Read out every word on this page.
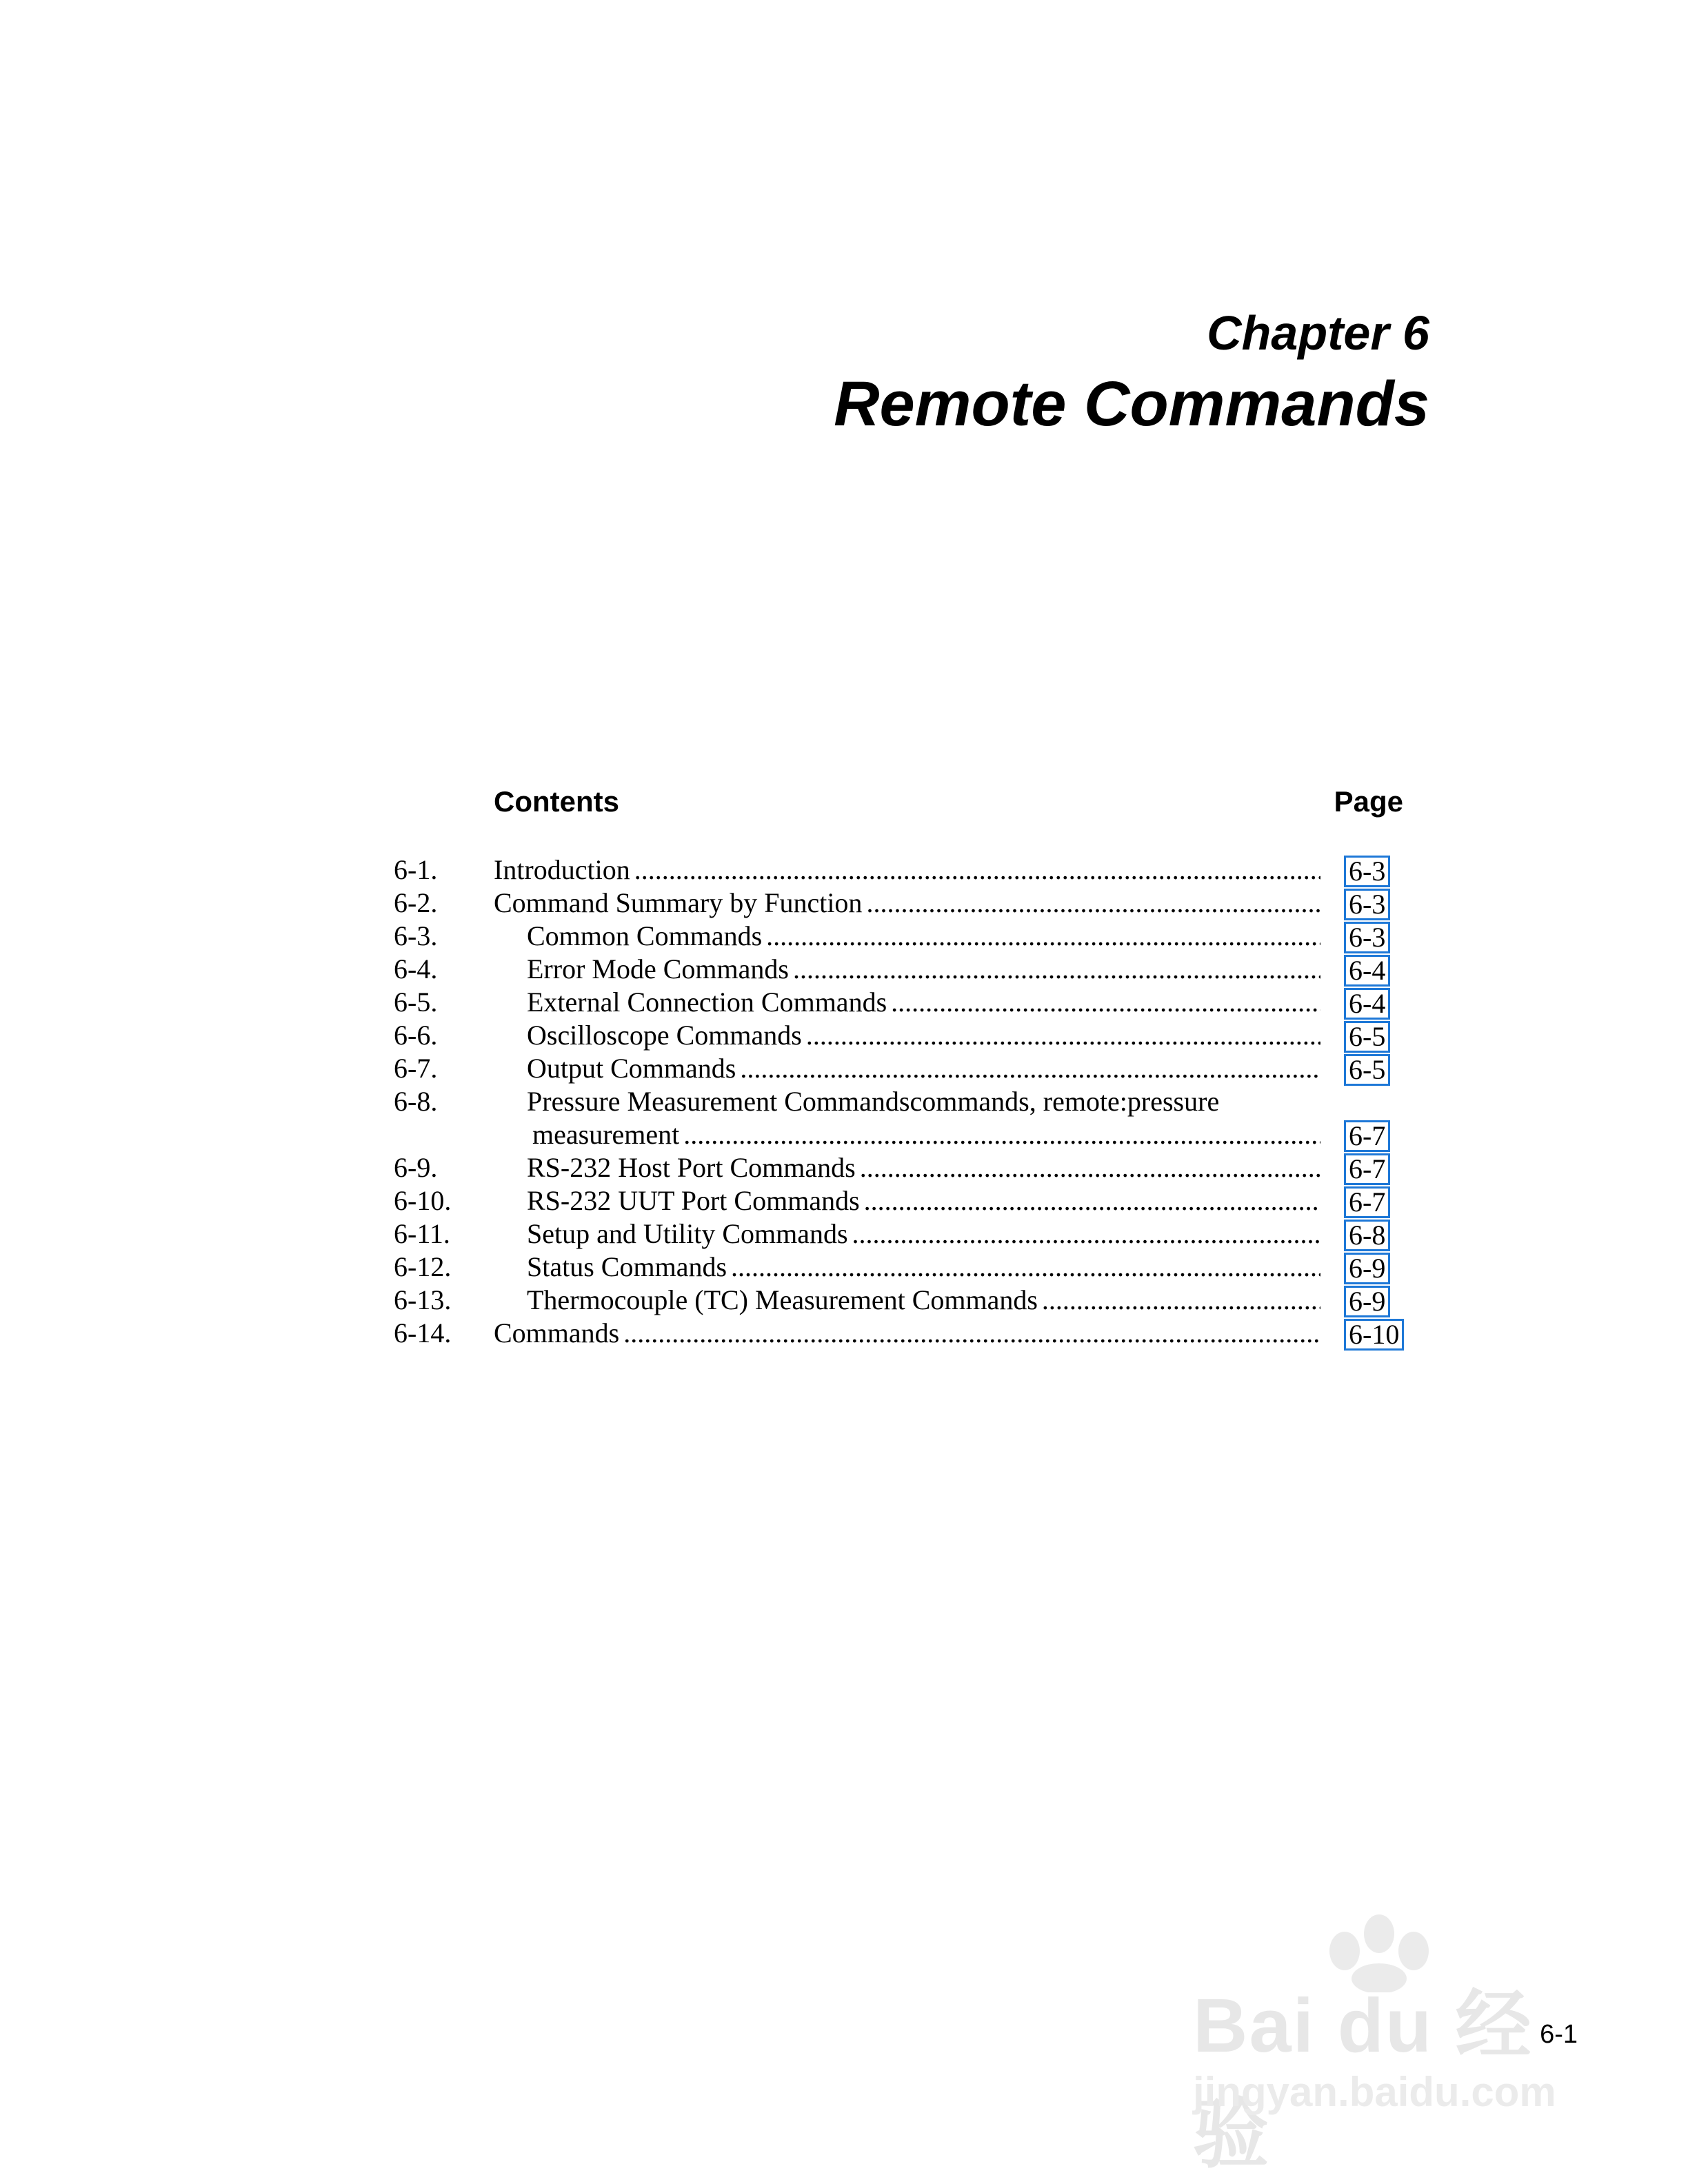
Chapter 6
Remote Commands
Contents	Page
6-1. Introduction .....	6-3
6-2. Command Summary by Function .....	6-3
6-3.	Common Commands .....	6-3
6-4.	Error Mode Commands .....	6-4
6-5.	External Connection Commands .....	6-4
6-6.	Oscilloscope Commands .....	6-5
6-7.	Output Commands .....	6-5
6-8.	Pressure Measurement Commandscommands, remote:pressure
measurement .....	6-7
6-9.	RS-232 Host Port Commands .....	6-7
6-10.	RS-232 UUT Port Commands .....	6-7
6-11.	Setup and Utility Commands .....	6-8
6-12.	Status Commands .....	6-9
6-13.	Thermocouple (TC) Measurement Commands .....	6-9
6-14. Commands .....	6-10
Bai du 经验
jingyan.baidu.com
6-1
